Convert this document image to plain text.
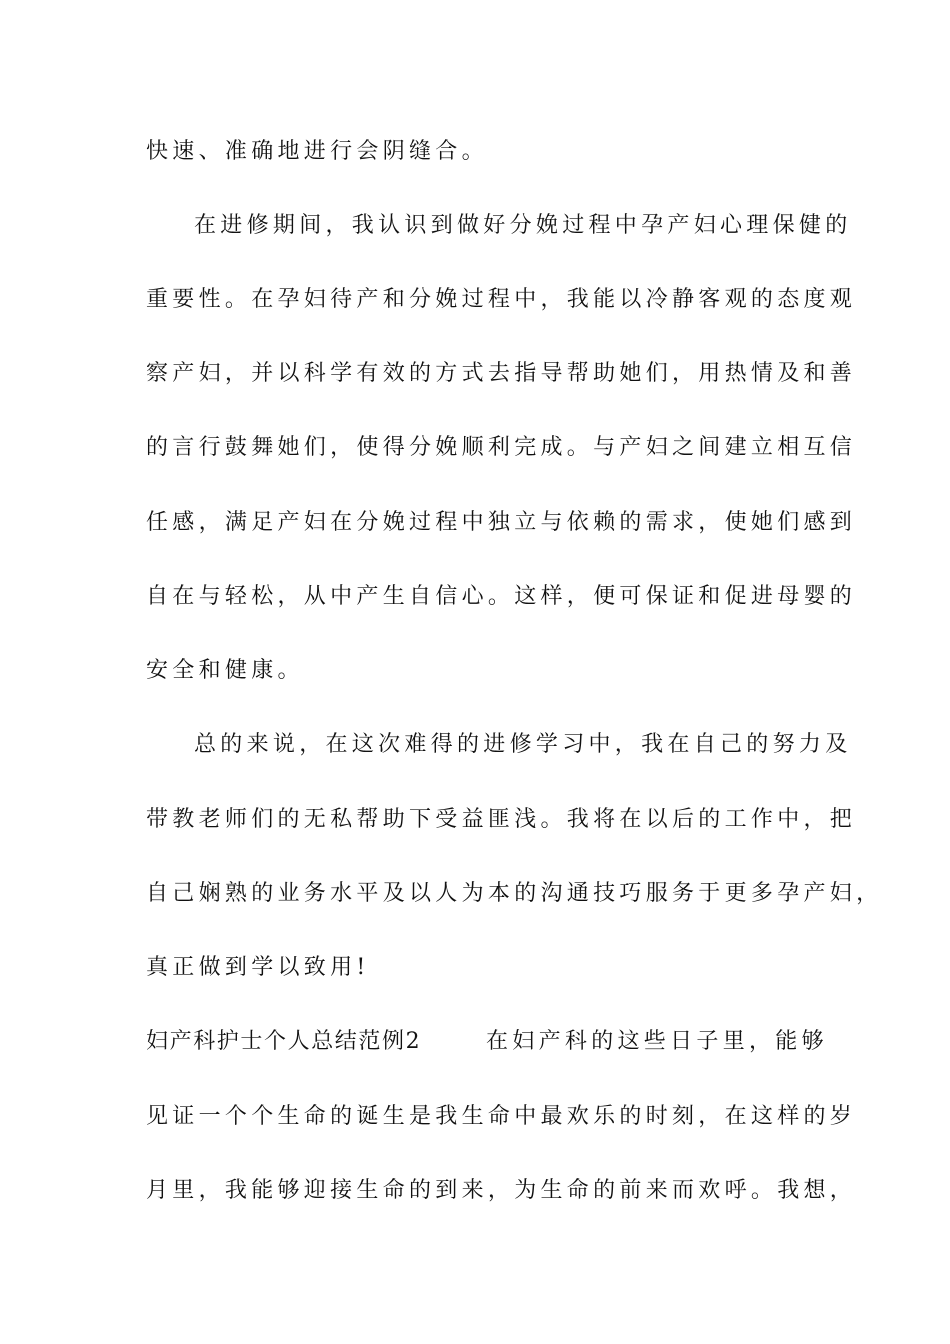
快速、准确地进行会阴缝合。
在进修期间，我认识到做好分娩过程中孕产妇心理保健的
重要性。在孕妇待产和分娩过程中，我能以冷静客观的态度观
察产妇，并以科学有效的方式去指导帮助她们，用热情及和善
的言行鼓舞她们，使得分娩顺利完成。与产妇之间建立相互信
任感，满足产妇在分娩过程中独立与依赖的需求，使她们感到
自在与轻松，从中产生自信心。这样，便可保证和促进母婴的
安全和健康。
总的来说，在这次难得的进修学习中，我在自己的努力及
带教老师们的无私帮助下受益匪浅。我将在以后的工作中，把
自己娴熟的业务水平及以人为本的沟通技巧服务于更多孕产妇，
真正做到学以致用!
妇产科护士个人总结范例2	在妇产科的这些日子里，能够
见证一个个生命的诞生是我生命中最欢乐的时刻，在这样的岁
月里，我能够迎接生命的到来，为生命的前来而欢呼。我想，
